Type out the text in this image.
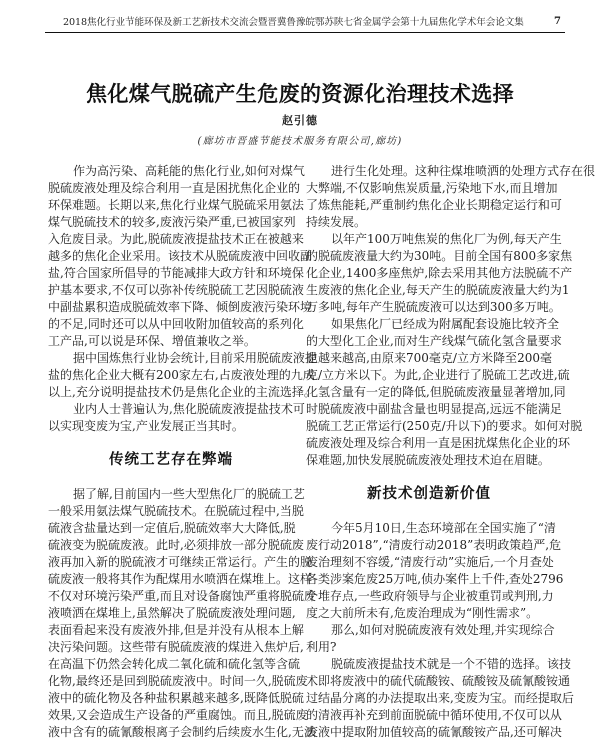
2018焦化行业节能环保及新工艺新技术交流会暨晋冀鲁豫皖鄂苏陕七省金属学会第十九届焦化学术年会论文集	7
焦化煤气脱硫产生危废的资源化治理技术选择
赵引德
(廊坊市晋盛节能技术服务有限公司,廊坊)
作为高污染、高耗能的焦化行业,如何对煤气
脱硫废液处理及综合利用一直是困扰焦化企业的
环保难题。长期以来,焦化行业煤气脱硫采用氨法
煤气脱硫技术的较多,废液污染严重,已被国家列
入危废目录。为此,脱硫废液提盐技术正在被越来
越多的焦化企业采用。该技术从脱硫废液中回收副
盐,符合国家所倡导的节能减排大政方针和环境保
护基本要求,不仅可以弥补传统脱硫工艺因脱硫液
中副盐累积造成脱硫效率下降、倾倒废液污染环境
的不足,同时还可以从中回收附加值较高的系列化
工产品,可以说是环保、增值兼收之举。
据中国炼焦行业协会统计,目前采用脱硫废液提
盐的焦化企业大概有200家左右,占废液处理的九成
以上,充分说明提盐技术仍是焦化企业的主流选择。
业内人士普遍认为,焦化脱硫废液提盐技术可
以实现变废为宝,产业发展正当其时。
传统工艺存在弊端
据了解,目前国内一些大型焦化厂的脱硫工艺
一般采用氨法煤气脱硫技术。在脱硫过程中,当脱
硫液含盐量达到一定值后,脱硫效率大大降低,脱
硫液变为脱硫废液。此时,必须排放一部分脱硫废
液再加入新的脱硫液才可继续正常运行。产生的脱
硫废液一般将其作为配煤用水喷洒在煤堆上。这样
不仅对环境污染严重,而且对设备腐蚀严重将脱硫废
液喷洒在煤堆上,虽然解决了脱硫废液处理问题,
表面看起来没有废液外排,但是并没有从根本上解
决污染问题。这些带有脱硫废液的煤进入焦炉后,
在高温下仍然会转化成二氧化硫和硫化氢等含硫
化物,最终还是回到脱硫废液中。时间一久,脱硫废
液中的硫化物及各种盐积累越来越多,既降低脱硫
效果,又会造成生产设备的严重腐蚀。而且,脱硫废
液中含有的硫氰酸根离子会制约后续废水生化,无法
进行生化处理。这种往煤堆喷洒的处理方式存在很
大弊端,不仅影响焦炭质量,污染地下水,而且增加
了炼焦能耗,严重制约焦化企业长期稳定运行和可
持续发展。
以年产100万吨焦炭的焦化厂为例,每天产生
的脱硫废液量大约为30吨。目前全国有800多家焦
化企业,1400多座焦炉,除去采用其他方法脱硫不产
生废液的焦化企业,每天产生的脱硫废液量大约为1
万多吨,每年产生脱硫废液可以达到300多万吨。
如果焦化厂已经成为附属配套设施比较齐全
的大型化工企业,而对生产线煤气硫化氢含量要求
也越来越高,由原来700毫克/立方米降至200毫
克/立方米以下。为此,企业进行了脱硫工艺改进,硫
化氢含量有一定的降低,但脱硫废液量显著增加,同
时脱硫废液中副盐含量也明显提高,远远不能满足
脱硫工艺正常运行(250克/升以下)的要求。如何对脱
硫废液处理及综合利用一直是困扰煤焦化企业的环
保难题,加快发展脱硫废液处理技术迫在眉睫。
新技术创造新价值
今年5月10日,生态环境部在全国实施了“清
废行动2018”,“清废行动2018”表明政策趋严,危
废治理刻不容缓,“清废行动”实施后,一个月查处
各类涉案危废25万吨,侦办案件上千件,查处2796
个堆存点,一些政府领导与企业被重罚或判刑,力
度之大前所未有,危废治理成为“刚性需求”。
那么,如何对脱硫废液有效处理,并实现综合
利用?
脱硫废液提盐技术就是一个不错的选择。该技
术即将废液中的硫代硫酸铵、硫酸铵及硫氰酸铵通
过结晶分离的办法提取出来,变废为宝。而经提取后
的清液再补充到前面脱硫中循环使用,不仅可以从
废液中提取附加值较高的硫氰酸铵产品,还可解决
